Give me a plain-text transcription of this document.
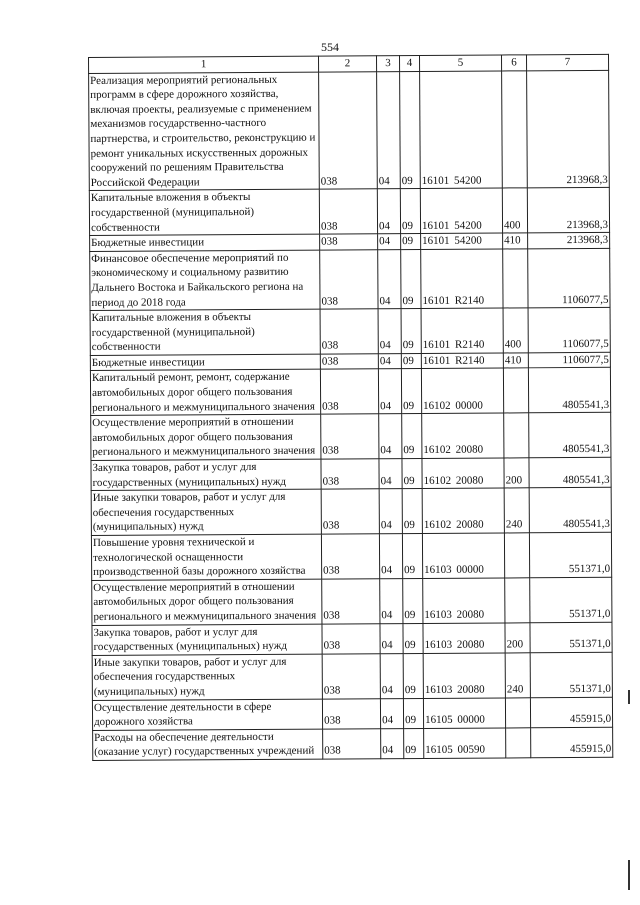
554
1	2	3	4	5	6	7
Реализация мероприятий региональных программ в сфере дорожного хозяйства, включая проекты, реализуемые с применением механизмов государственно-частного партнерства, и строительство, реконструкцию и ремонт уникальных искусственных дорожных сооружений по решениям Правительства Российской Федерации	038	04	09	16101 54200		213968,3
Капитальные вложения в объекты государственной (муниципальной) собственности	038	04	09	16101 54200	400	213968,3
Бюджетные инвестиции	038	04	09	16101 54200	410	213968,3
Финансовое обеспечение мероприятий по экономическому и социальному развитию Дальнего Востока и Байкальского региона на период до 2018 года	038	04	09	16101 R2140		1106077,5
Капитальные вложения в объекты государственной (муниципальной) собственности	038	04	09	16101 R2140	400	1106077,5
Бюджетные инвестиции	038	04	09	16101 R2140	410	1106077,5
Капитальный ремонт, ремонт, содержание автомобильных дорог общего пользования регионального и межмуниципального значения	038	04	09	16102 00000		4805541,3
Осуществление мероприятий в отношении автомобильных дорог общего пользования регионального и межмуниципального значения	038	04	09	16102 20080		4805541,3
Закупка товаров, работ и услуг для государственных (муниципальных) нужд	038	04	09	16102 20080	200	4805541,3
Иные закупки товаров, работ и услуг для обеспечения государственных (муниципальных) нужд	038	04	09	16102 20080	240	4805541,3
Повышение уровня технической и технологической оснащенности производственной базы дорожного хозяйства	038	04	09	16103 00000		551371,0
Осуществление мероприятий в отношении автомобильных дорог общего пользования регионального и межмуниципального значения	038	04	09	16103 20080		551371,0
Закупка товаров, работ и услуг для государственных (муниципальных) нужд	038	04	09	16103 20080	200	551371,0
Иные закупки товаров, работ и услуг для обеспечения государственных (муниципальных) нужд	038	04	09	16103 20080	240	551371,0
Осуществление деятельности в сфере дорожного хозяйства	038	04	09	16105 00000		455915,0
Расходы на обеспечение деятельности (оказание услуг) государственных учреждений	038	04	09	16105 00590		455915,0
